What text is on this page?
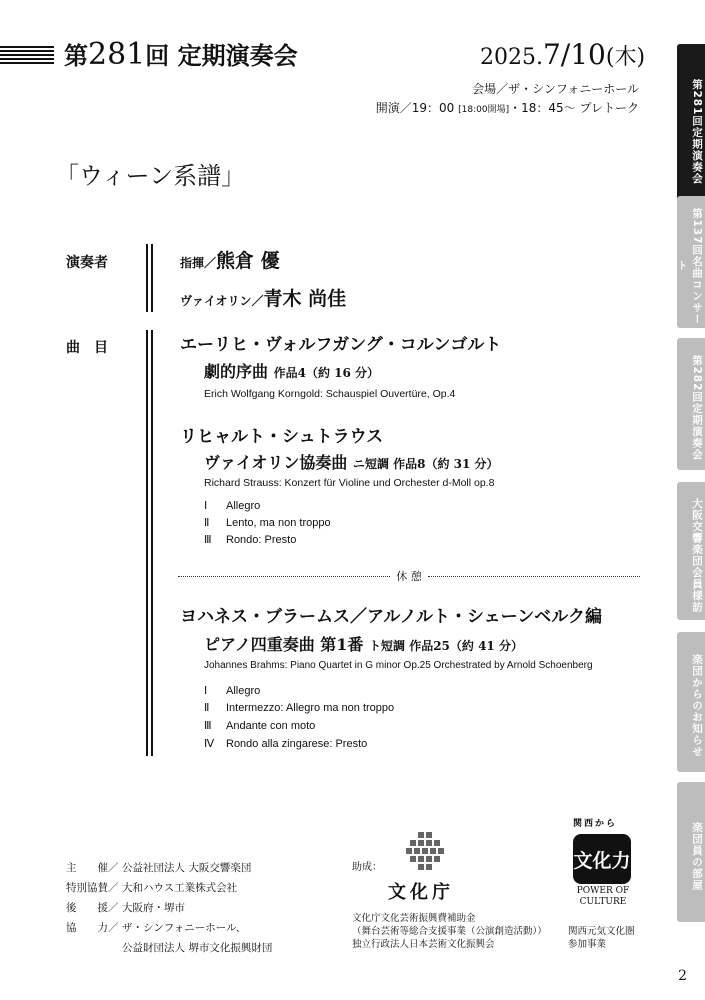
第281回 定期演奏会	2025.7/10(木)
会場／ザ・シンフォニーホール
開演／19：00 [18:00開場]・18：45〜 プレトーク
「ウィーン系譜」
演奏者	指揮／熊倉 優
ヴァイオリン／青木 尚佳
曲　目	エーリヒ・ヴォルフガング・コルンゴルト
劇的序曲 作品4（約 16 分）
Erich Wolfgang Korngold: Schauspiel Ouvertüre, Op.4
リヒャルト・シュトラウス
ヴァイオリン協奏曲 ニ短調 作品8（約 31 分）
Richard Strauss: Konzert für Violine und Orchester d-Moll op.8
Ⅰ Allegro
Ⅱ Lento, ma non troppo
Ⅲ Rondo: Presto
休 憩
ヨハネス・ブラームス／アルノルト・シェーンベルク編
ピアノ四重奏曲 第1番 ト短調 作品25（約 41 分）
Johannes Brahms: Piano Quartet in G minor Op.25 Orchestrated by Arnold Schoenberg
Ⅰ Allegro
Ⅱ Intermezzo: Allegro ma non troppo
Ⅲ Andante con moto
Ⅳ Rondo alla zingarese: Presto
主　　催／ 公益社団法人 大阪交響楽団
特別協賛／ 大和ハウス工業株式会社
後　　援／ 大阪府・堺市
協　　力／ ザ・シンフォニーホール、
公益財団法人 堺市文化振興財団
助成：
文化庁
文化庁文化芸術振興費補助金
（舞台芸術等総合支援事業（公演創造活動））
独立行政法人日本芸術文化振興会
関西から
文化力
POWER OF
CULTURE
関西元気文化圏
参加事業
第281回定期演奏会
第137回名曲コンサート
第282回定期演奏会
大阪交響楽団会員様訪
楽団からのお知らせ
楽団員の部屋
2
